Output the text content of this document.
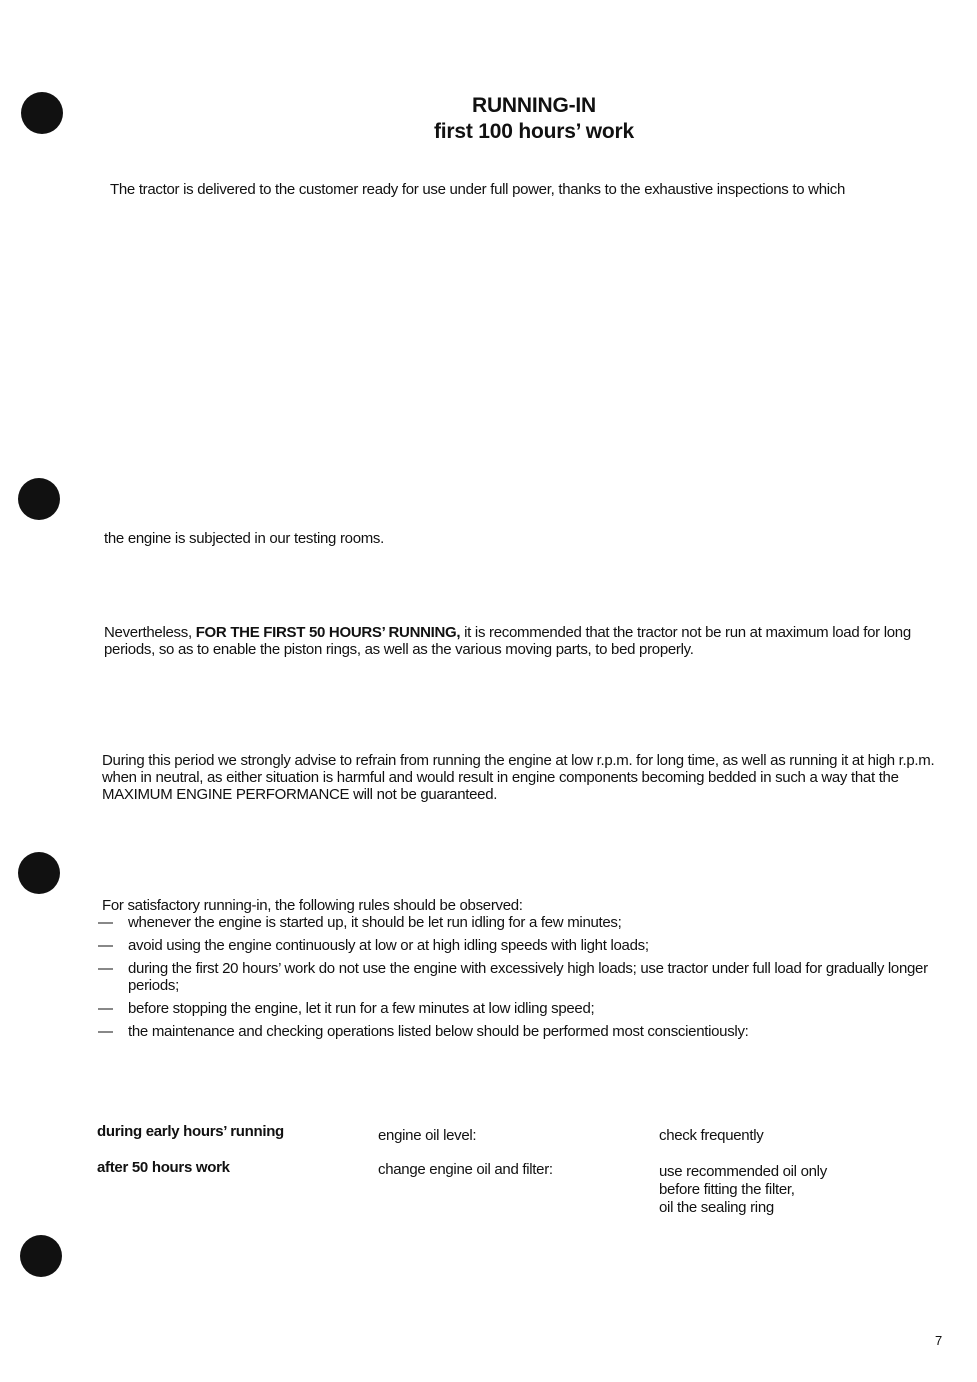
RUNNING-IN
first 100 hours’ work
The tractor is delivered to the customer ready for use under full power, thanks to the exhaustive inspections to which
the engine is subjected in our testing rooms.
Nevertheless, FOR THE FIRST 50 HOURS’ RUNNING, it is recommended that the tractor not be run at maximum load for long periods, so as to enable the piston rings, as well as the various moving parts, to bed properly.
During this period we strongly advise to refrain from running the engine at low r.p.m. for long time, as well as running it at high r.p.m. when in neutral, as either situation is harmful and would result in engine components becoming bedded in such a way that the MAXIMUM ENGINE PERFORMANCE will not be guaranteed.
For satisfactory running-in, the following rules should be observed:
— whenever the engine is started up, it should be let run idling for a few minutes;
— avoid using the engine continuously at low or at high idling speeds with light loads;
— during the first 20 hours’ work do not use the engine with excessively high loads; use tractor under full load for gradually longer periods;
— before stopping the engine, let it run for a few minutes at low idling speed;
— the maintenance and checking operations listed below should be performed most conscientiously:
during early hours’ running	engine oil level:	check frequently
after 50 hours work	change engine oil and filter:	use recommended oil only
before fitting the filter,
oil the sealing ring
7
